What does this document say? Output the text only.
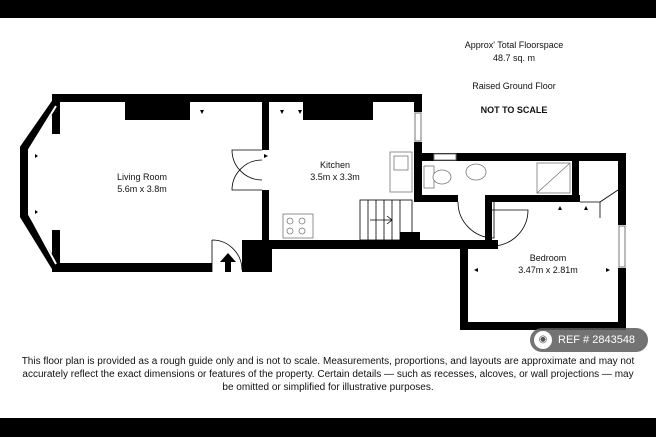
Approx' Total Floorspace
48.7 sq. m
Raised Ground Floor
NOT TO SCALE
Living Room
5.6m x 3.8m
Kitchen
3.5m x 3.3m
Bedroom
3.47m x 2.81m
◉ REF # 2843548
This floor plan is provided as a rough guide only and is not to scale. Measurements, proportions, and layouts are approximate and may not accurately reflect the exact dimensions or features of the property. Certain details — such as recesses, alcoves, or wall projections — may be omitted or simplified for illustrative purposes.
